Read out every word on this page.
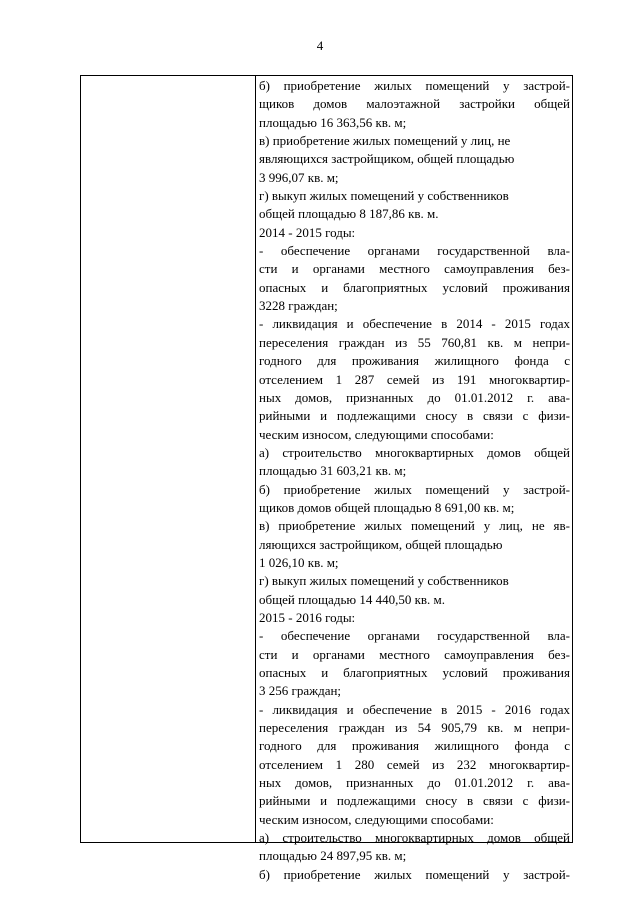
4
б) приобретение жилых помещений у застрой-
щиков домов малоэтажной застройки общей
площадью 16 363,56 кв. м;
в) приобретение жилых помещений у лиц, не
являющихся застройщиком, общей площадью
3 996,07 кв. м;
г) выкуп жилых помещений у собственников
общей площадью 8 187,86 кв. м.
2014 - 2015 годы:
- обеспечение органами государственной вла-
сти и органами местного самоуправления без-
опасных и благоприятных условий проживания
3228 граждан;
- ликвидация и обеспечение в 2014 - 2015 годах
переселения граждан из 55 760,81 кв. м непри-
годного для проживания жилищного фонда с
отселением 1 287 семей из 191 многоквартир-
ных домов, признанных до 01.01.2012 г. ава-
рийными и подлежащими сносу в связи с физи-
ческим износом, следующими способами:
а) строительство многоквартирных домов общей
площадью 31 603,21 кв. м;
б) приобретение жилых помещений у застрой-
щиков домов общей площадью 8 691,00 кв. м;
в) приобретение жилых помещений у лиц, не яв-
ляющихся застройщиком, общей площадью
1 026,10 кв. м;
г) выкуп жилых помещений у собственников
общей площадью 14 440,50 кв. м.
2015 - 2016 годы:
- обеспечение органами государственной вла-
сти и органами местного самоуправления без-
опасных и благоприятных условий проживания
3 256 граждан;
- ликвидация и обеспечение в 2015 - 2016 годах
переселения граждан из 54 905,79 кв. м непри-
годного для проживания жилищного фонда с
отселением 1 280 семей из 232 многоквартир-
ных домов, признанных до 01.01.2012 г. ава-
рийными и подлежащими сносу в связи с физи-
ческим износом, следующими способами:
а) строительство многоквартирных домов общей
площадью 24 897,95 кв. м;
б) приобретение жилых помещений у застрой-
